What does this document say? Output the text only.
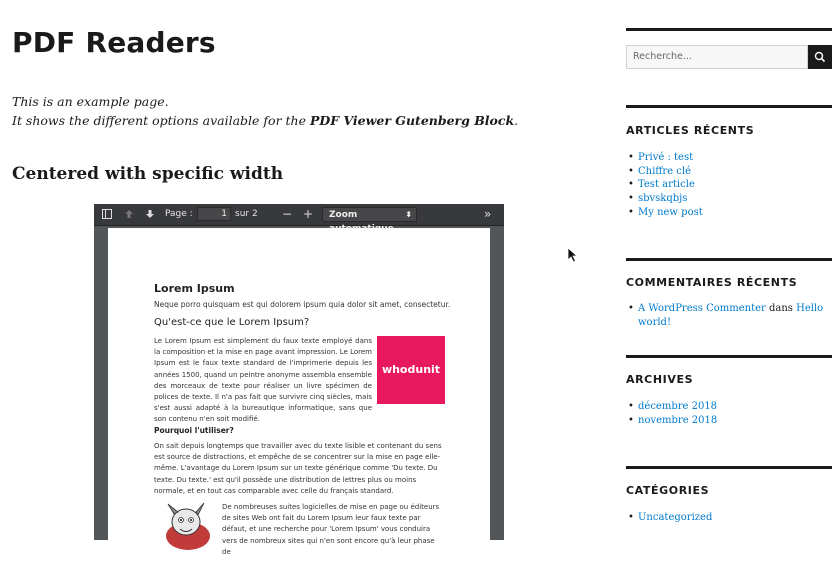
PDF Readers
This is an example page.
It shows the different options available for the PDF Viewer Gutenberg Block.
Centered with specific width
Page :	1 sur 2 − +	Zoom	⬍	»
Lorem Ipsum
Neque porro quisquam est qui dolorem ipsum quia dolor sit amet, consectetur.
Qu'est-ce que le Lorem Ipsum?
Le Lorem Ipsum est simplement du faux texte employé dans la composition et la mise en page avant impression. Le Lorem Ipsum est le faux texte standard de l'imprimerie depuis les années 1500, quand un peintre anonyme assembla ensemble des morceaux de texte pour réaliser un livre spécimen de polices de texte. Il n'a pas fait que survivre cinq siècles, mais s'est aussi adapté à la bureautique informatique, sans que son contenu n'en soit modifié.
whodunit
Pourquoi l'utiliser?
On sait depuis longtemps que travailler avec du texte lisible et contenant du sens est source de distractions, et empêche de se concentrer sur la mise en page elle-même. L'avantage du Lorem Ipsum sur un texte générique comme 'Du texte. Du texte. Du texte.' est qu'il possède une distribution de lettres plus ou moins normale, et en tout cas comparable avec celle du français standard.
De nombreuses suites logicielles de mise en page ou éditeurs de sites Web ont fait du Lorem Ipsum leur faux texte par défaut, et une recherche pour 'Lorem Ipsum' vous conduira vers de nombreux sites qui n'en sont encore qu'à leur phase de
Recherche...
ARTICLES RÉCENTS
• Privé : test
• Chiffre clé
• Test article
• sbvskqbjs
• My new post
COMMENTAIRES RÉCENTS
• A WordPress Commenter dans Hello world!
ARCHIVES
• décembre 2018
• novembre 2018
CATÉGORIES
• Uncategorized
